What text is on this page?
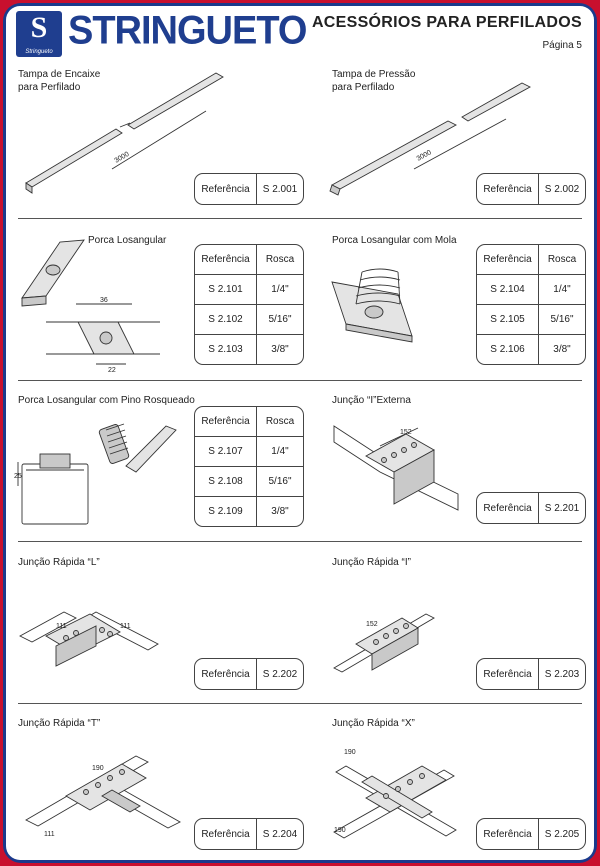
S
Stringueto STRINGUETO ACESSÓRIOS PARA PERFILADOS
Página 5
Tampa de Encaixe
para Perfilado
3000
Referência	S 2.001
Tampa de Pressão
para Perfilado
3000
Referência	S 2.002
Porca Losangular
36
22
Referência	Rosca
S 2.101	1/4"
S 2.102	5/16"
S 2.103	3/8"
Porca Losangular com Mola
Referência	Rosca
S 2.104	1/4"
S 2.105	5/16"
S 2.106	3/8"
Porca Losangular com Pino Rosqueado
25
Referência	Rosca
S 2.107	1/4"
S 2.108	5/16"
S 2.109	3/8"
Junção “I”Externa
152
Referência	S 2.201
Junção Rápida “L”
111	111
Referência	S 2.202
Junção Rápida “I”
152
Referência	S 2.203
Junção Rápida “T”
190
111	Referência	S 2.204
Junção Rápida “X”
190
190	Referência	S 2.205
